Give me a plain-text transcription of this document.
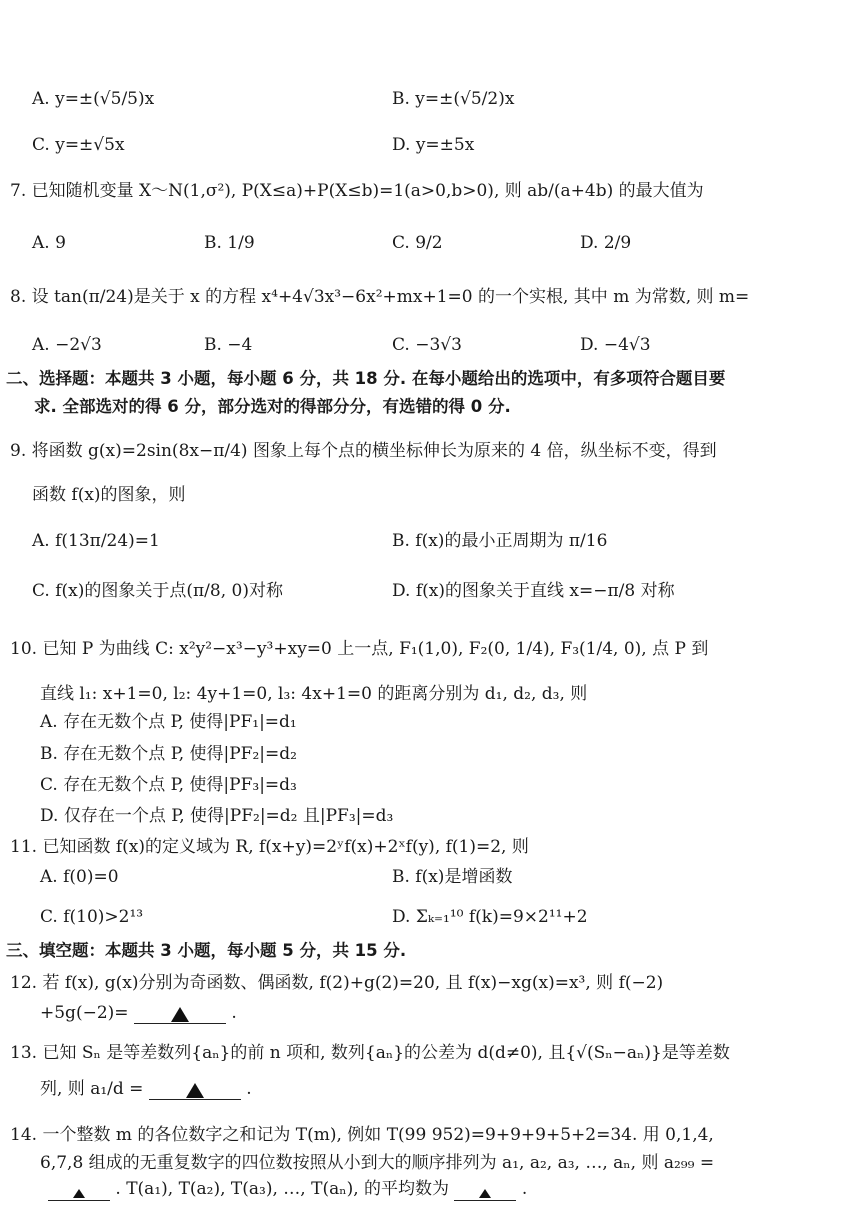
A. y=±(√5/5)x	B. y=±(√5/2)x
C. y=±√5x	D. y=±5x
7. 已知随机变量 X～N(1,σ²), P(X≤a)+P(X≤b)=1(a>0,b>0), 则 ab/(a+4b) 的最大值为
A. 9	B. 1/9	C. 9/2	D. 2/9
8. 设 tan(π/24)是关于 x 的方程 x⁴+4√3x³−6x²+mx+1=0 的一个实根, 其中 m 为常数, 则 m=
A. −2√3	B. −4	C. −3√3	D. −4√3
二、选择题：本题共 3 小题，每小题 6 分，共 18 分. 在每小题给出的选项中，有多项符合题目要
求. 全部选对的得 6 分，部分选对的得部分分，有选错的得 0 分.
9. 将函数 g(x)=2sin(8x−π/4) 图象上每个点的横坐标伸长为原来的 4 倍，纵坐标不变，得到
函数 f(x)的图象，则
A. f(13π/24)=1	B. f(x)的最小正周期为 π/16
C. f(x)的图象关于点(π/8, 0)对称	D. f(x)的图象关于直线 x=−π/8 对称
10. 已知 P 为曲线 C: x²y²−x³−y³+xy=0 上一点, F₁(1,0), F₂(0, 1/4), F₃(1/4, 0), 点 P 到
直线 l₁: x+1=0, l₂: 4y+1=0, l₃: 4x+1=0 的距离分别为 d₁, d₂, d₃, 则
A. 存在无数个点 P, 使得|PF₁|=d₁
B. 存在无数个点 P, 使得|PF₂|=d₂
C. 存在无数个点 P, 使得|PF₃|=d₃
D. 仅存在一个点 P, 使得|PF₂|=d₂ 且|PF₃|=d₃
11. 已知函数 f(x)的定义域为 R, f(x+y)=2ʸf(x)+2ˣf(y), f(1)=2, 则
A. f(0)=0	B. f(x)是增函数
C. f(10)>2¹³	D. Σₖ₌₁¹⁰ f(k)=9×2¹¹+2
三、填空题：本题共 3 小题，每小题 5 分，共 15 分.
12. 若 f(x), g(x)分别为奇函数、偶函数, f(2)+g(2)=20, 且 f(x)−xg(x)=x³, 则 f(−2)
+5g(−2)=	.
13. 已知 Sₙ 是等差数列{aₙ}的前 n 项和, 数列{aₙ}的公差为 d(d≠0), 且{√(Sₙ−aₙ)}是等差数
列, 则 a₁/d =	.
14. 一个整数 m 的各位数字之和记为 T(m), 例如 T(99 952)=9+9+9+5+2=34. 用 0,1,4,
6,7,8 组成的无重复数字的四位数按照从小到大的顺序排列为 a₁, a₂, a₃, …, aₙ, 则 a₂₉₉ =
. T(a₁), T(a₂), T(a₃), …, T(aₙ), 的平均数为	.
